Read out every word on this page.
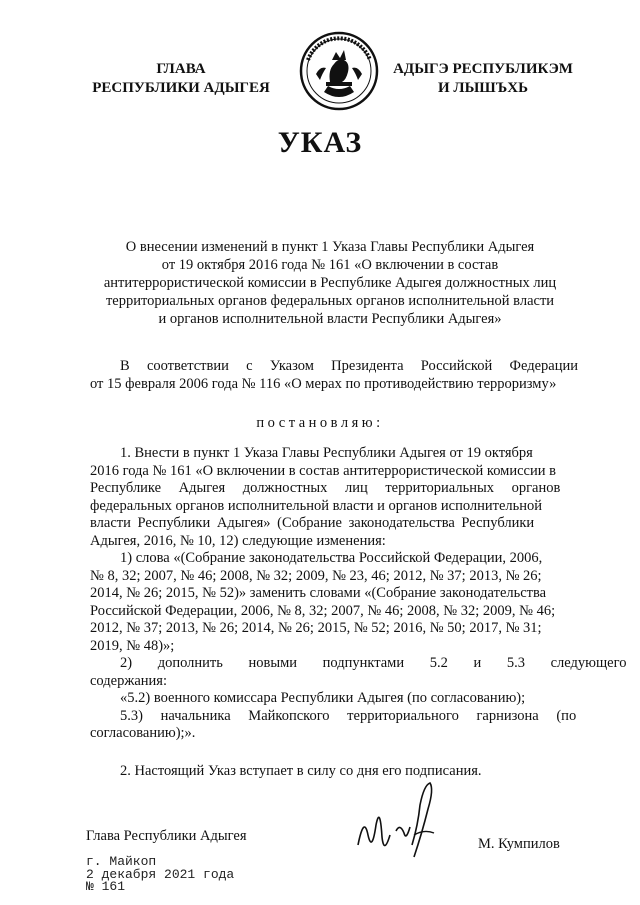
ГЛАВА
РЕСПУБЛИКИ АДЫГЕЯ
АДЫГЭ РЕСПУБЛИКЭМ
И ЛЫШЪХЬ
УКАЗ
О внесении изменений в пункт 1 Указа Главы Республики Адыгея
от 19 октября 2016 года № 161 «О включении в состав
антитеррористической комиссии в Республике Адыгея должностных лиц
территориальных органов федеральных органов исполнительной власти
и органов исполнительной власти Республики Адыгея»
В соответствии с Указом Президента Российской Федерации
от 15 февраля 2006 года № 116 «О мерах по противодействию терроризму»
постановляю:
1. Внести в пункт 1 Указа Главы Республики Адыгея от 19 октября
2016 года № 161 «О включении в состав антитеррористической комиссии в
Республике Адыгея должностных лиц территориальных органов
федеральных органов исполнительной власти и органов исполнительной
власти Республики Адыгея» (Собрание законодательства Республики
Адыгея, 2016, № 10, 12) следующие изменения:
1) слова «(Собрание законодательства Российской Федерации, 2006,
№ 8, 32; 2007, № 46; 2008, № 32; 2009, № 23, 46; 2012, № 37; 2013, № 26;
2014, № 26; 2015, № 52)» заменить словами «(Собрание законодательства
Российской Федерации, 2006, № 8, 32; 2007, № 46; 2008, № 32; 2009, № 46;
2012, № 37; 2013, № 26; 2014, № 26; 2015, № 52; 2016, № 50; 2017, № 31;
2019, № 48)»;
2) дополнить новыми подпунктами 5.2 и 5.3 следующего
содержания:
«5.2) военного комиссара Республики Адыгея (по согласованию);
5.3) начальника Майкопского территориального гарнизона (по
согласованию);».
2. Настоящий Указ вступает в силу со дня его подписания.
Глава Республики Адыгея	М. Кумпилов
г. Майкоп
2 декабря 2021 года
№ 161
